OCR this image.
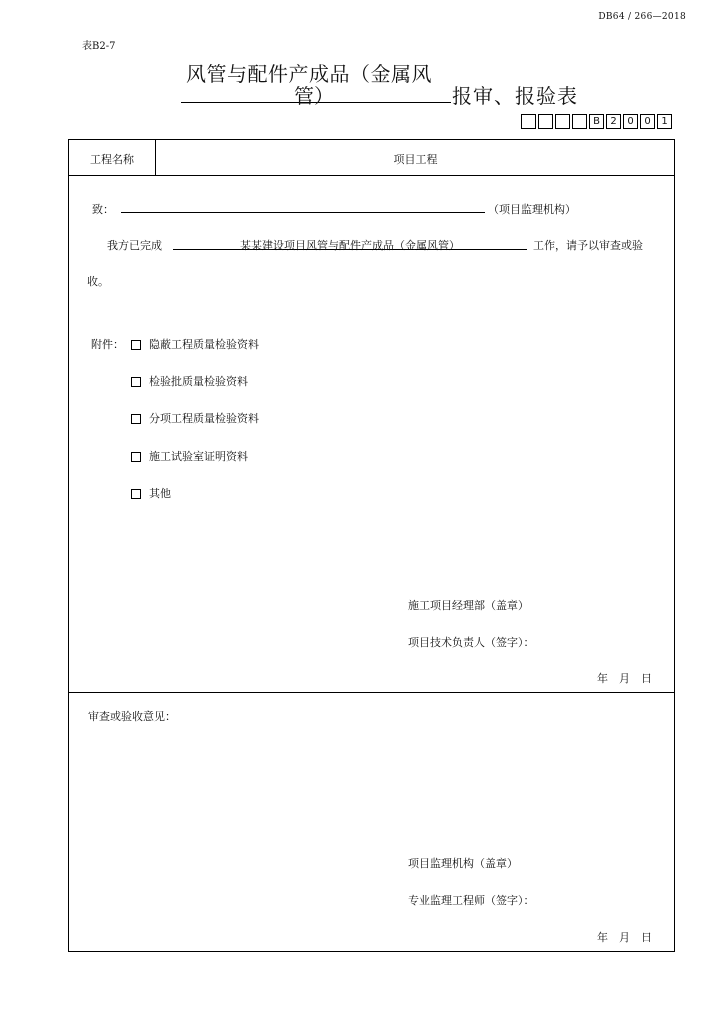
DB64 / 266—2018
表B2-7
风管与配件产成品（金属风
管）	报审、报验表
B	2	0	0	1
工程名称	项目工程
致：	（项目监理机构）
我方已完成	某某建设项目风管与配件产成品（金属风管）	工作，请予以审查或验
收。
附件：	隐蔽工程质量检验资料
检验批质量检验资料
分项工程质量检验资料
施工试验室证明资料
其他
施工项目经理部（盖章）
项目技术负责人（签字）：
年　月　日
审查或验收意见：
项目监理机构（盖章）
专业监理工程师（签字）：
年　月　日
